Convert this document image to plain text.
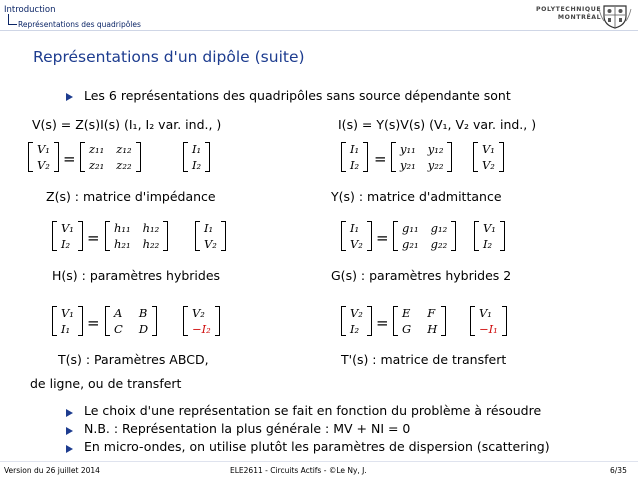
Introduction
Représentations des quadripôles
POLYTECHNIQUE
MONTRÉAL
Représentations d'un dipôle (suite)
Les 6 représentations des quadripôles sans source dépendante sont
V(s) = Z(s)I(s) (I₁, I₂ var. ind., )	I(s) = Y(s)V(s) (V₁, V₂ var. ind., )
V₁
V₂ =
z₁₁ z₁₂
z₂₁ z₂₂
I₁
I₂
Z(s) : matrice d'impédance
V₁
I₂	=
h₁₁ h₁₂
h₂₁ h₂₂
I₁
V₂
H(s) : paramètres hybrides
V₁
I₁	=
A B
C D
V₂
−I₂
T(s) : Paramètres ABCD,
de ligne, ou de transfert
I₁
I₂ =
y₁₁ y₁₂
y₂₁ y₂₂
V₁
V₂
Y(s) : matrice d'admittance
I₁
V₂ =
g₁₁ g₁₂
g₂₁ g₂₂
V₁
I₂
G(s) : paramètres hybrides 2
V₂
I₂	=
E F
G H
V₁
−I₁
T'(s) : matrice de transfert
Le choix d'une représentation se fait en fonction du problème à résoudre
N.B. : Représentation la plus générale : MV + NI = 0
En micro-ondes, on utilise plutôt les paramètres de dispersion (scattering)
Version du 26 juillet 2014	ELE2611 - Circuits Actifs - ©Le Ny, J.	6/35
